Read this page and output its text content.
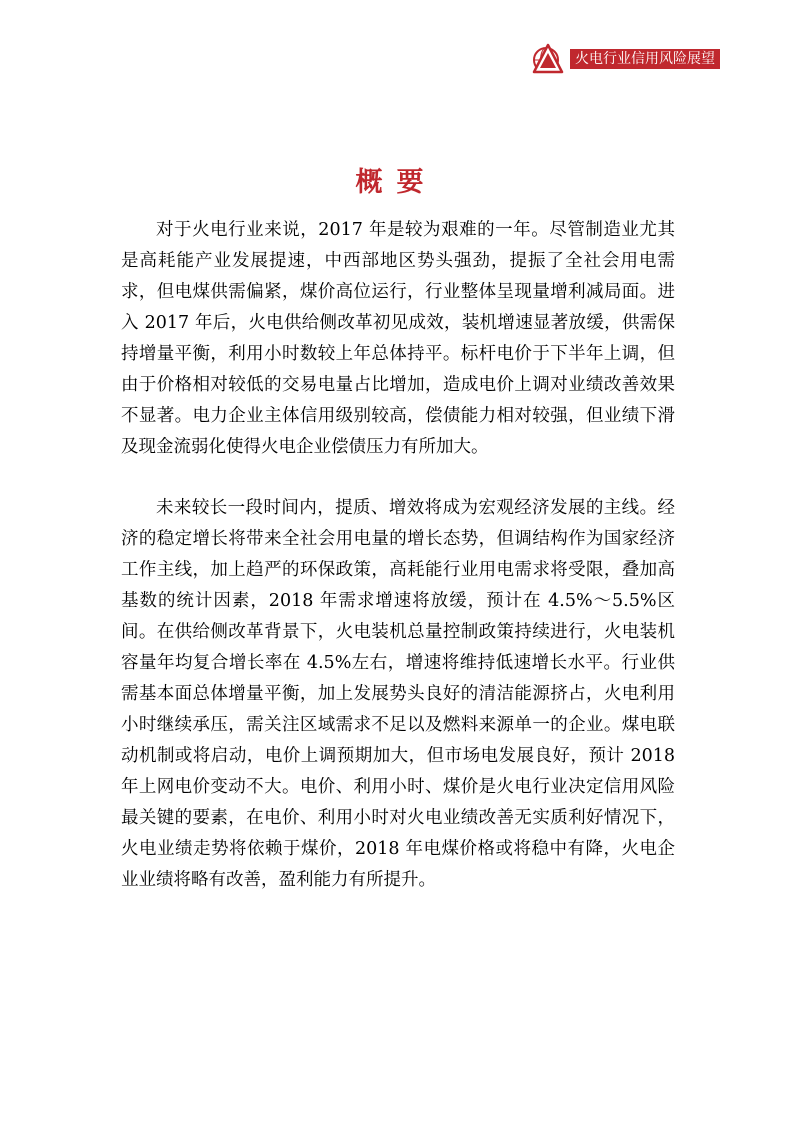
火电行业信用风险展望
概要

对于火电行业来说，2017 年是较为艰难的一年。尽管制造业尤其是高耗能产业发展提速，中西部地区势头强劲，提振了全社会用电需求，但电煤供需偏紧，煤价高位运行，行业整体呈现量增利减局面。进入 2017 年后，火电供给侧改革初见成效，装机增速显著放缓，供需保持增量平衡，利用小时数较上年总体持平。标杆电价于下半年上调，但由于价格相对较低的交易电量占比增加，造成电价上调对业绩改善效果不显著。电力企业主体信用级别较高，偿债能力相对较强，但业绩下滑及现金流弱化使得火电企业偿债压力有所加大。

未来较长一段时间内，提质、增效将成为宏观经济发展的主线。经济的稳定增长将带来全社会用电量的增长态势，但调结构作为国家经济工作主线，加上趋严的环保政策，高耗能行业用电需求将受限，叠加高基数的统计因素，2018 年需求增速将放缓，预计在 4.5%～5.5%区间。在供给侧改革背景下，火电装机总量控制政策持续进行，火电装机容量年均复合增长率在 4.5%左右，增速将维持低速增长水平。行业供需基本面总体增量平衡，加上发展势头良好的清洁能源挤占，火电利用小时继续承压，需关注区域需求不足以及燃料来源单一的企业。煤电联动机制或将启动，电价上调预期加大，但市场电发展良好，预计 2018 年上网电价变动不大。电价、利用小时、煤价是火电行业决定信用风险最关键的要素，在电价、利用小时对火电业绩改善无实质利好情况下，火电业绩走势将依赖于煤价，2018 年电煤价格或将稳中有降，火电企业业绩将略有改善，盈利能力有所提升。
